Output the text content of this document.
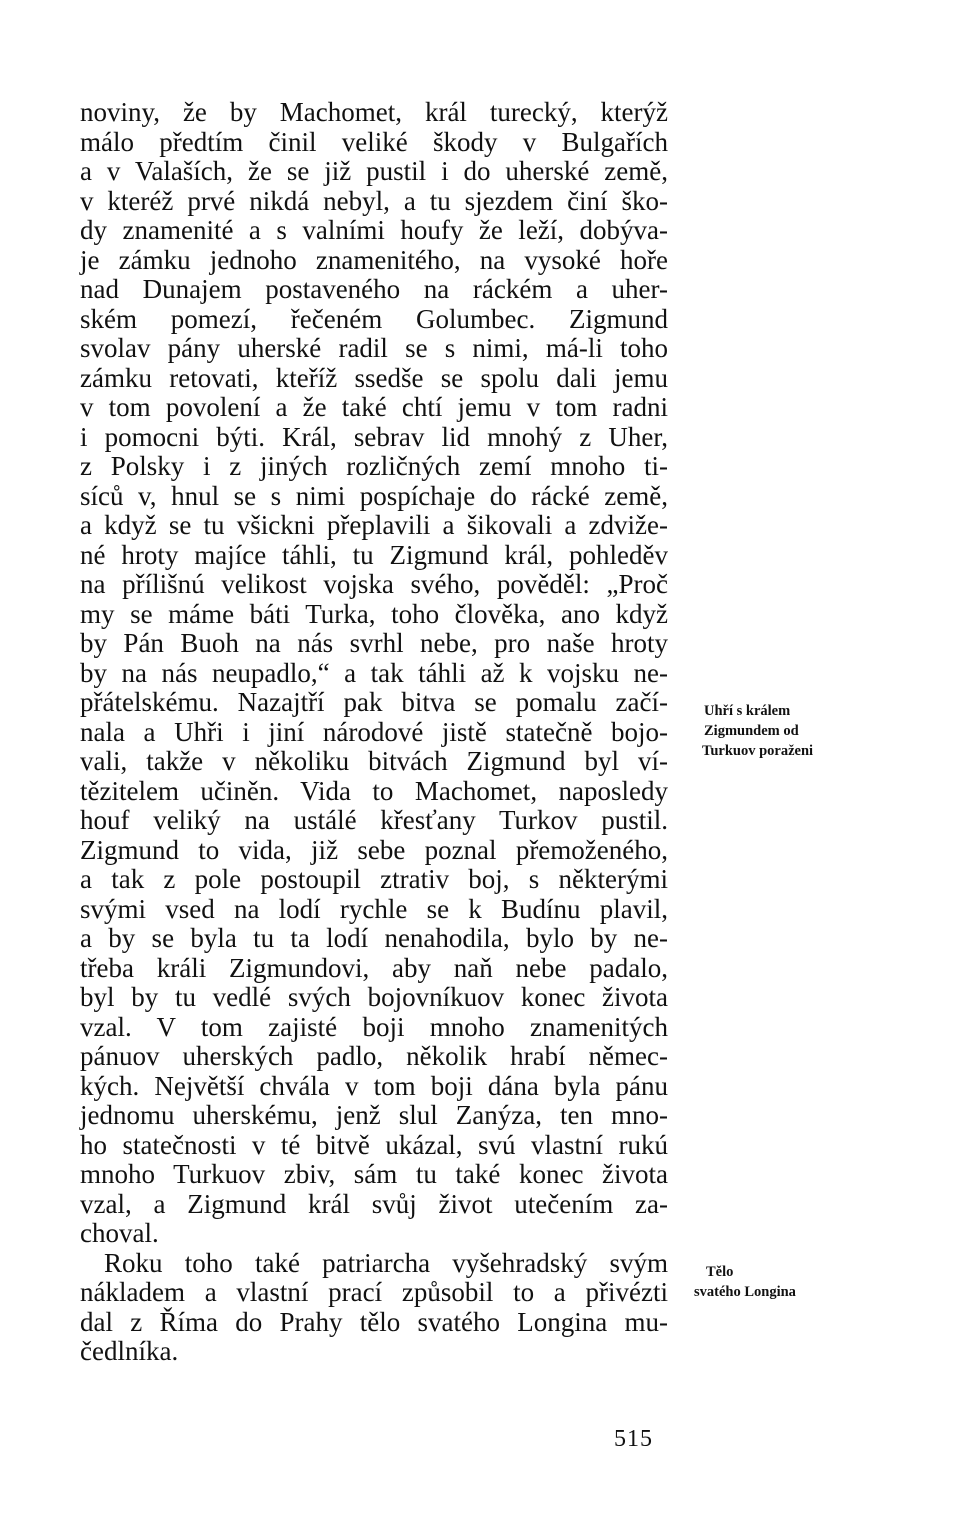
noviny, že by Machomet, král turecký, kterýž
málo předtím činil veliké škody v Bulgařích
a v Valaších, že se již pustil i do uherské země,
v kteréž prvé nikdá nebyl, a tu sjezdem činí ško-
dy znamenité a s valními houfy že leží, dobýva-
je zámku jednoho znamenitého, na vysoké hoře
nad Dunajem postaveného na ráckém a uher-
ském pomezí, řečeném Golumbec. Zigmund
svolav pány uherské radil se s nimi, má-li toho
zámku retovati, kteříž ssedše se spolu dali jemu
v tom povolení a že také chtí jemu v tom radni
i pomocni býti. Král, sebrav lid mnohý z Uher,
z Polsky i z jiných rozličných zemí mnoho ti-
síců v, hnul se s nimi pospíchaje do rácké země,
a když se tu všickni přeplavili a šikovali a zdviže-
né hroty majíce táhli, tu Zigmund král, pohleděv
na přílišnú velikost vojska svého, pověděl: „Proč
my se máme báti Turka, toho člověka, ano když
by Pán Buoh na nás svrhl nebe, pro naše hroty
by na nás neupadlo,“ a tak táhli až k vojsku ne-
přátelskému. Nazajtří pak bitva se pomalu začí-
nala a Uhři i jiní národové jistě statečně bojo-
vali, takže v několiku bitvách Zigmund byl ví-
tězitelem učiněn. Vida to Machomet, naposledy
houf veliký na ustálé křesťany Turkov pustil.
Zigmund to vida, již sebe poznal přemoženého,
a tak z pole postoupil ztrativ boj, s některými
svými vsed na lodí rychle se k Budínu plavil,
a by se byla tu ta lodí nenahodila, bylo by ne-
třeba králi Zigmundovi, aby naň nebe padalo,
byl by tu vedlé svých bojovníkuov konec života
vzal. V tom zajisté boji mnoho znamenitých
pánuov uherských padlo, několik hrabí němec-
kých. Největší chvála v tom boji dána byla pánu
jednomu uherskému, jenž slul Zanýza, ten mno-
ho statečnosti v té bitvě ukázal, svú vlastní rukú
mnoho Turkuov zbiv, sám tu také konec života
vzal, a Zigmund král svůj život utečením za-
choval.
Roku toho také patriarcha vyšehradský svým
nákladem a vlastní prací způsobil to a přivézti
dal z Říma do Prahy tělo svatého Longina mu-
čedlníka.
Uhří s králem
Zigmundem od
Turkuov poraženi
Tělo
svatého Longina
515
